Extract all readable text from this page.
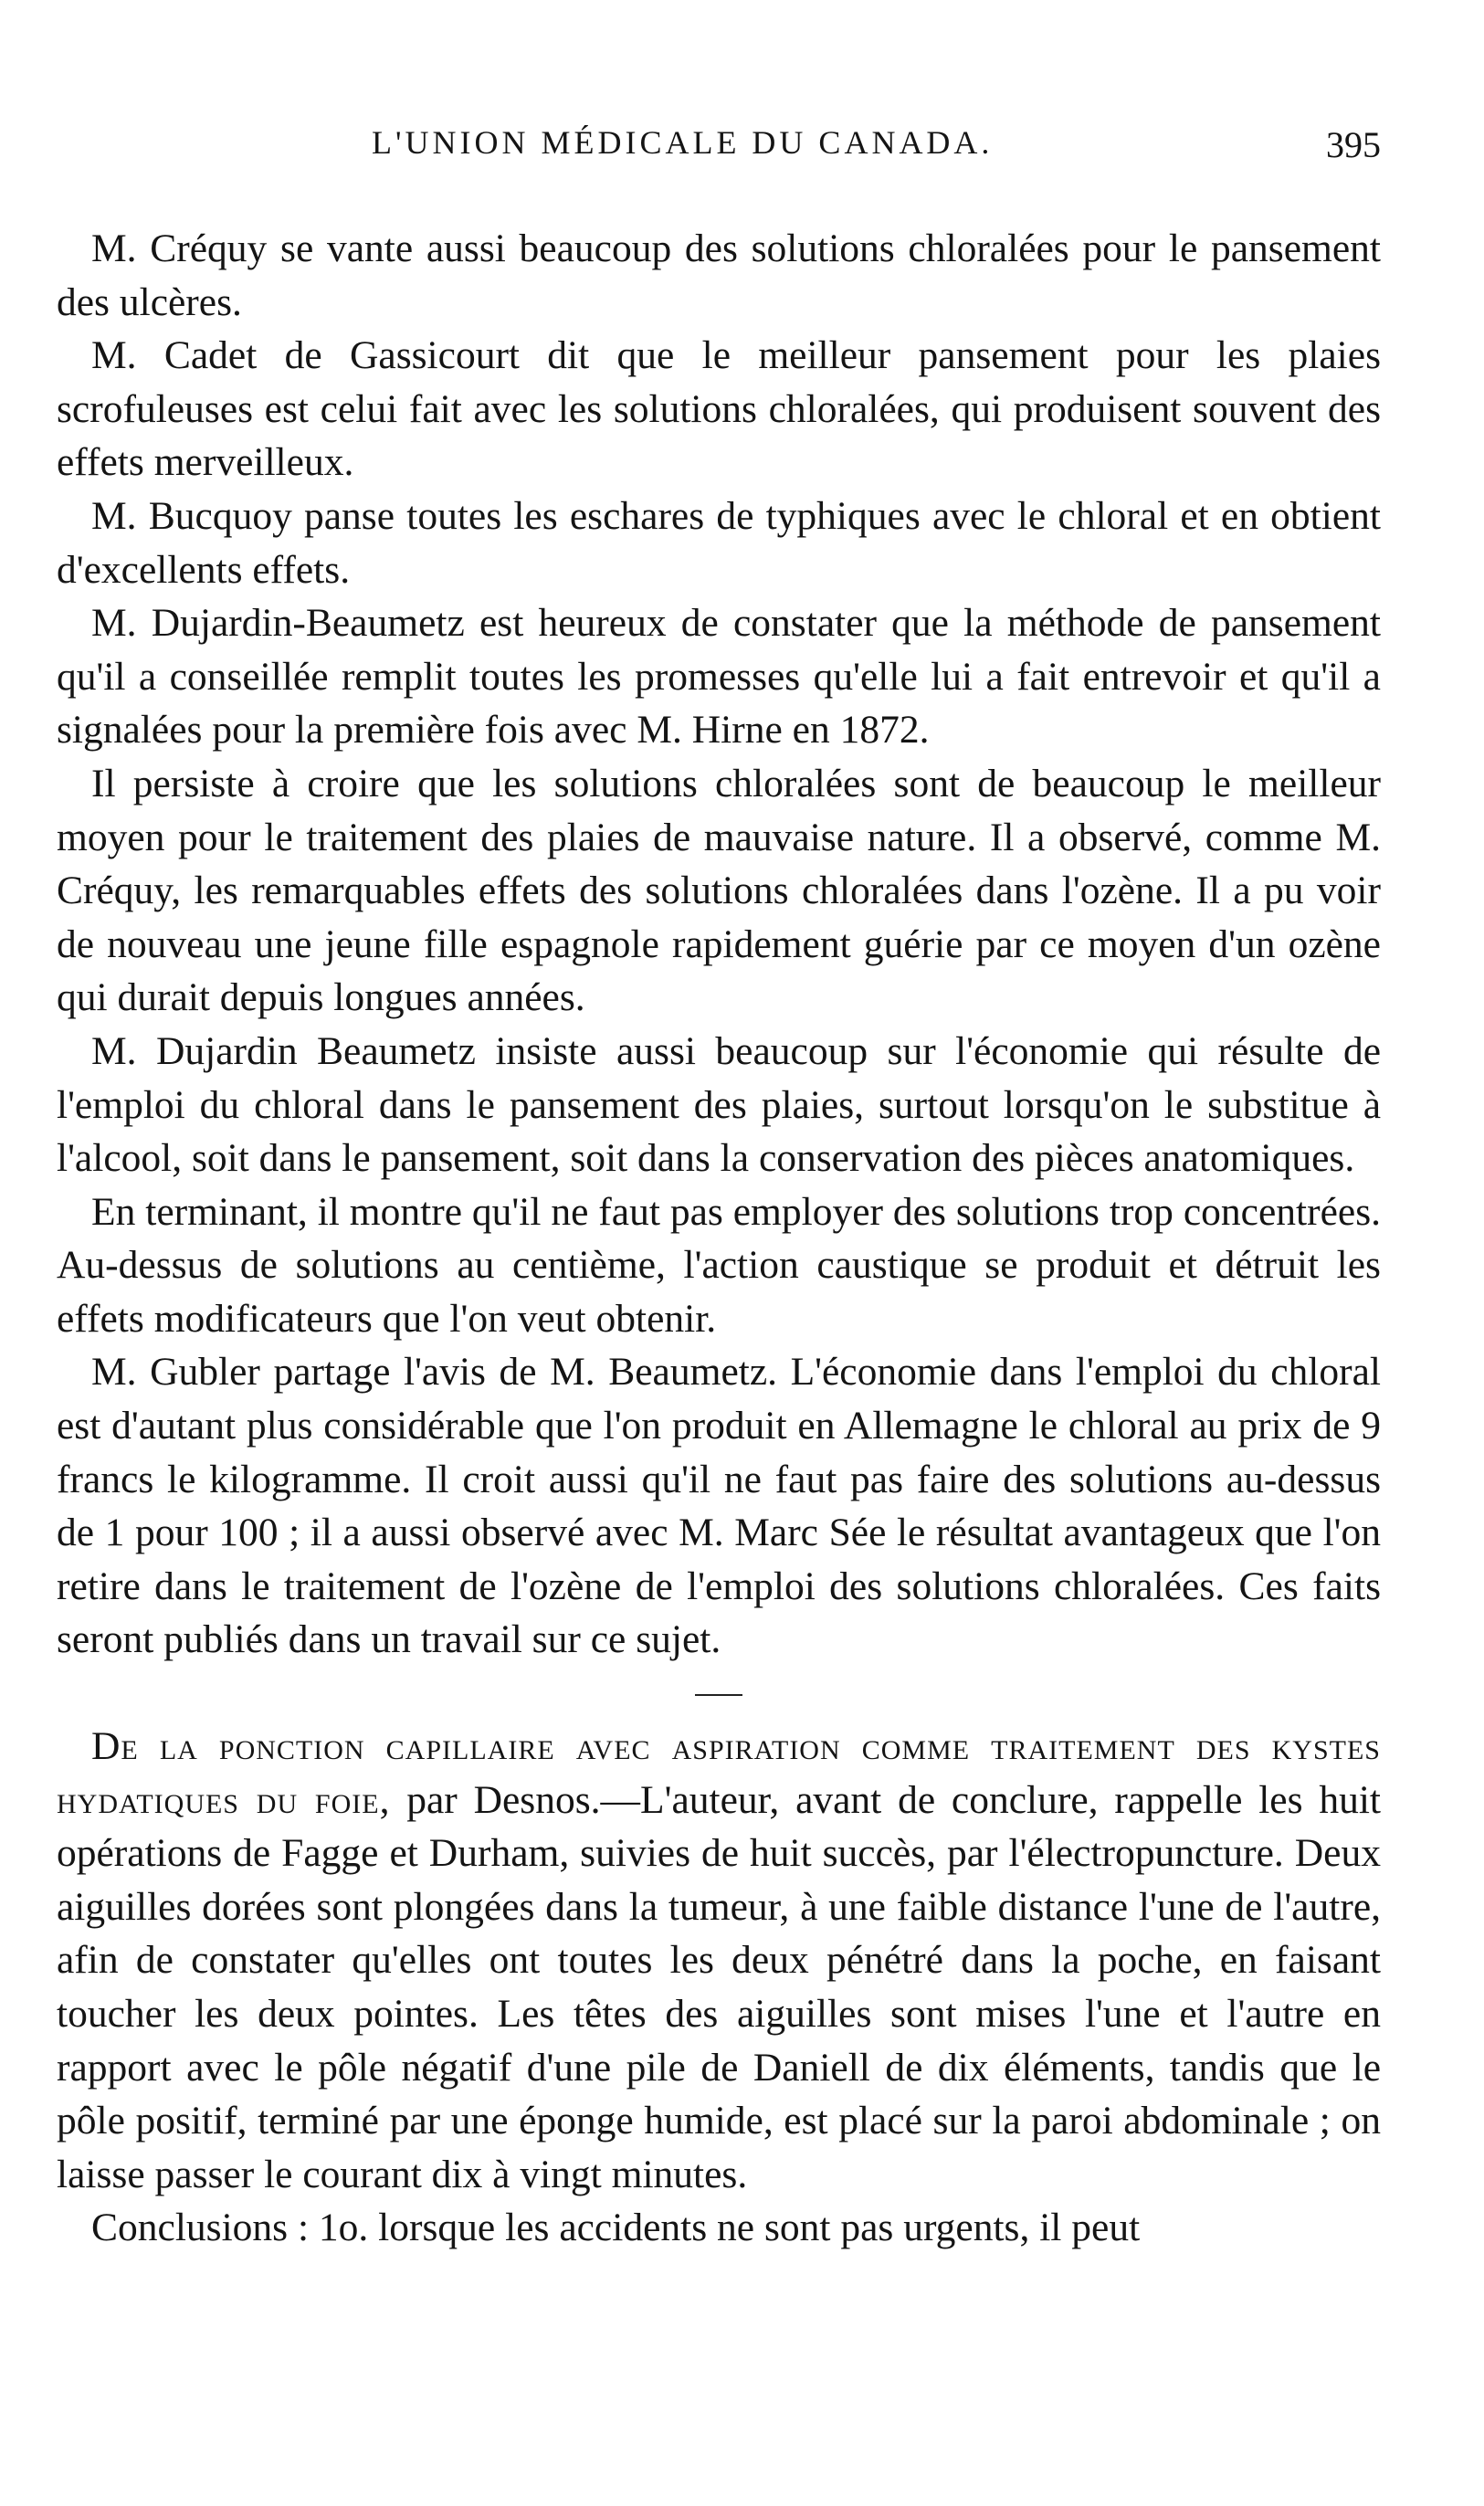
L'UNION MÉDICALE DU CANADA.	395

M. Créquy se vante aussi beaucoup des solutions chloralées pour le pansement des ulcères.

M. Cadet de Gassicourt dit que le meilleur pansement pour les plaies scrofuleuses est celui fait avec les solutions chloralées, qui produisent souvent des effets merveilleux.

M. Bucquoy panse toutes les eschares de typhiques avec le chloral et en obtient d'excellents effets.

M. Dujardin-Beaumetz est heureux de constater que la méthode de pansement qu'il a conseillée remplit toutes les promesses qu'elle lui a fait entrevoir et qu'il a signalées pour la première fois avec M. Hirne en 1872.

Il persiste à croire que les solutions chloralées sont de beaucoup le meilleur moyen pour le traitement des plaies de mauvaise nature. Il a observé, comme M. Créquy, les remarquables effets des solutions chloralées dans l'ozène. Il a pu voir de nouveau une jeune fille espagnole rapidement guérie par ce moyen d'un ozène qui durait depuis longues années.

M. Dujardin Beaumetz insiste aussi beaucoup sur l'économie qui résulte de l'emploi du chloral dans le pansement des plaies, surtout lorsqu'on le substitue à l'alcool, soit dans le pansement, soit dans la conservation des pièces anatomiques.

En terminant, il montre qu'il ne faut pas employer des solutions trop concentrées. Au-dessus de solutions au centième, l'action caustique se produit et détruit les effets modificateurs que l'on veut obtenir.

M. Gubler partage l'avis de M. Beaumetz. L'économie dans l'emploi du chloral est d'autant plus considérable que l'on produit en Allemagne le chloral au prix de 9 francs le kilogramme. Il croit aussi qu'il ne faut pas faire des solutions au-dessus de 1 pour 100 ; il a aussi observé avec M. Marc Sée le résultat avantageux que l'on retire dans le traitement de l'ozène de l'emploi des solutions chloralées. Ces faits seront publiés dans un travail sur ce sujet.

De la ponction capillaire avec aspiration comme traitement des kystes hydatiques du foie, par Desnos.—L'auteur, avant de conclure, rappelle les huit opérations de Fagge et Durham, suivies de huit succès, par l'électropuncture. Deux aiguilles dorées sont plongées dans la tumeur, à une faible distance l'une de l'autre, afin de constater qu'elles ont toutes les deux pénétré dans la poche, en faisant toucher les deux pointes. Les têtes des aiguilles sont mises l'une et l'autre en rapport avec le pôle négatif d'une pile de Daniell de dix éléments, tandis que le pôle positif, terminé par une éponge humide, est placé sur la paroi abdominale ; on laisse passer le courant dix à vingt minutes.

Conclusions : 1o. lorsque les accidents ne sont pas urgents, il peut
